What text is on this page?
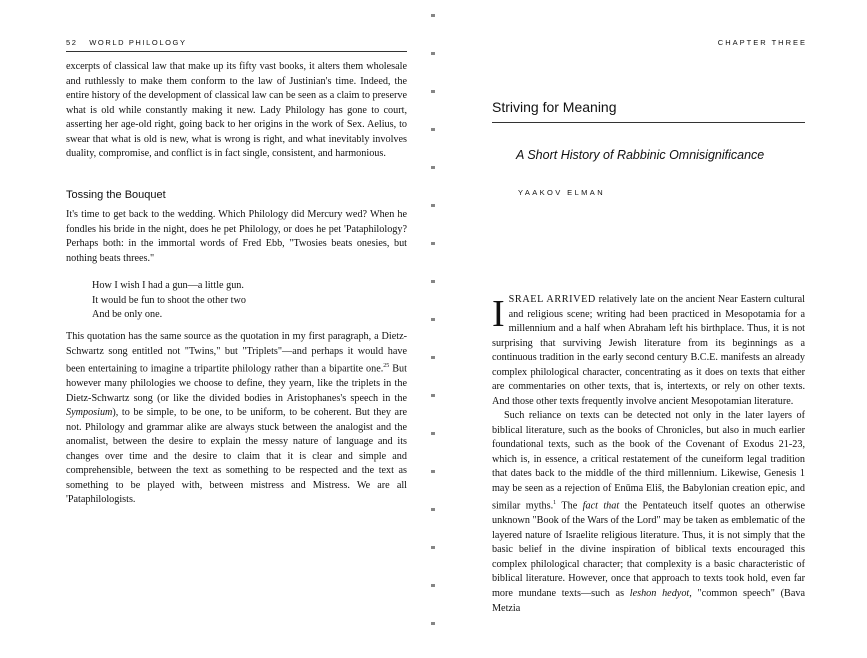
52 WORLD PHILOLOGY

excerpts of classical law that make up its fifty vast books, it alters them wholesale and ruthlessly to make them conform to the law of Justinian's time. Indeed, the entire history of the development of classical law can be seen as a claim to preserve what is old while constantly making it new. Lady Philology has gone to court, asserting her age-old right, going back to her origins in the work of Sex. Aelius, to swear that what is old is new, what is wrong is right, and what inevitably involves duality, compromise, and conflict is in fact single, consistent, and harmonious.

Tossing the Bouquet

It's time to get back to the wedding. Which Philology did Mercury wed? When he fondles his bride in the night, does he pet Philology, or does he pet 'Pataphilology? Perhaps both: in the immortal words of Fred Ebb, "Twosies beats onesies, but nothing beats threes."

How I wish I had a gun—a little gun.
It would be fun to shoot the other two
And be only one.

This quotation has the same source as the quotation in my first paragraph, a Dietz-Schwartz song entitled not "Twins," but "Triplets"—and perhaps it would have been entertaining to imagine a tripartite philology rather than a bipartite one.$^{25}$ But however many philologies we choose to define, they yearn, like the triplets in the Dietz-Schwartz song (or like the divided bodies in Aristophanes's speech in the Symposium), to be simple, to be one, to be uniform, to be coherent. But they are not. Philology and grammar alike are always stuck between the analogist and the anomalist, between the desire to explain the messy nature of language and its changes over time and the desire to claim that it is clear and simple and comprehensible, between the text as something to be respected and the text as something to be played with, between mistress and Mistress. We are all 'Pataphilologists.

CHAPTER THREE
Striving for Meaning
A Short History of Rabbinic Omnisignificance
YAAKOV ELMAN

ISRAEL ARRIVED relatively late on the ancient Near Eastern cultural and religious scene; writing had been practiced in Mesopotamia for a millennium and a half when Abraham left his birthplace. Thus, it is not surprising that surviving Jewish literature from its beginnings as a continuous tradition in the early second century B.C.E. manifests an already complex philological character, concentrating as it does on texts that either are commentaries on other texts, that is, intertexts, or rely on other texts. And those other texts frequently involve ancient Mesopotamian literature.

Such reliance on texts can be detected not only in the later layers of biblical literature, such as the books of Chronicles, but also in much earlier foundational texts, such as the book of the Covenant of Exodus 21-23, which is, in essence, a critical restatement of the cuneiform legal tradition that dates back to the middle of the third millennium. Likewise, Genesis 1 may be seen as a rejection of Enūma Eliš, the Babylonian creation epic, and similar myths.$^1$ The fact that the Pentateuch itself quotes an otherwise unknown "Book of the Wars of the Lord" may be taken as emblematic of the layered nature of Israelite religious literature. Thus, it is not simply that the basic belief in the divine inspiration of biblical texts encouraged this complex philological character; that complexity is a basic characteristic of biblical literature. However, once that approach to texts took hold, even far more mundane texts—such as leshon hedyot, "common speech" (Bava Metzia
